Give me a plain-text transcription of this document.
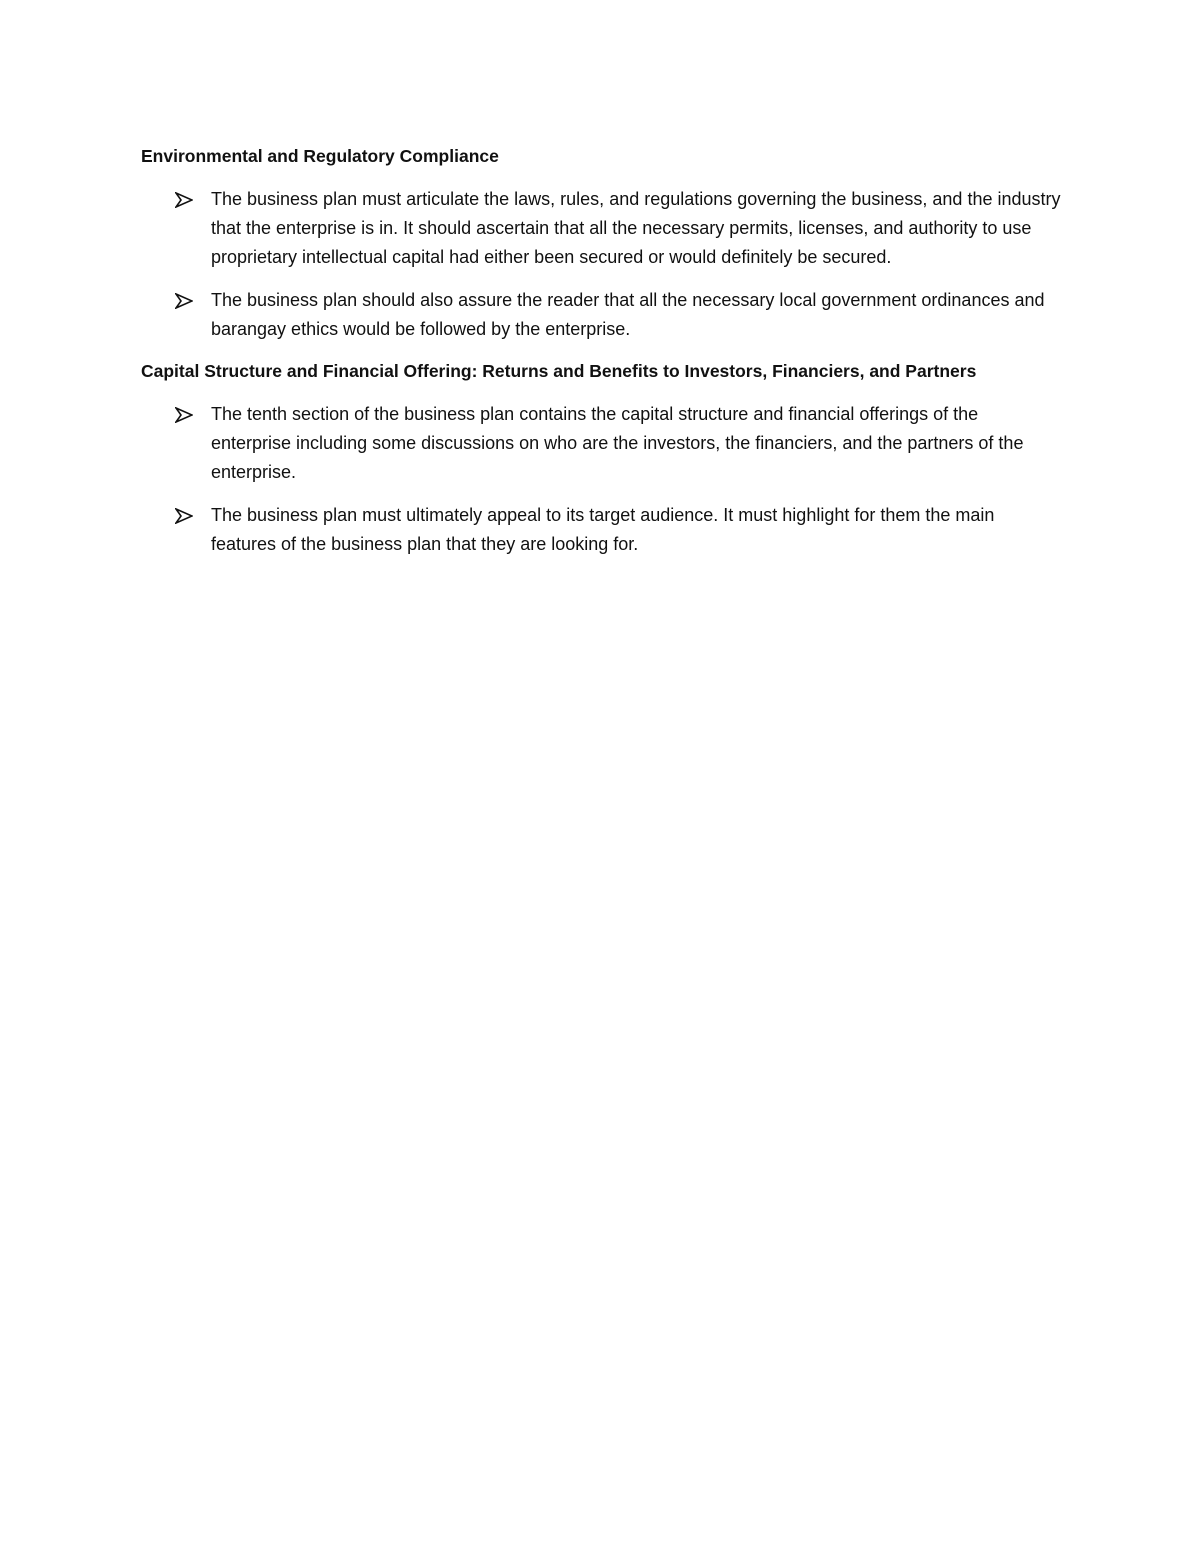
Environmental and Regulatory Compliance
The business plan must articulate the laws, rules, and regulations governing the business, and the industry that the enterprise is in. It should ascertain that all the necessary permits, licenses, and authority to use proprietary intellectual capital had either been secured or would definitely be secured.
The business plan should also assure the reader that all the necessary local government ordinances and barangay ethics would be followed by the enterprise.
Capital Structure and Financial Offering: Returns and Benefits to Investors, Financiers, and Partners
The tenth section of the business plan contains the capital structure and financial offerings of the enterprise including some discussions on who are the investors, the financiers, and the partners of the enterprise.
The business plan must ultimately appeal to its target audience. It must highlight for them the main features of the business plan that they are looking for.
